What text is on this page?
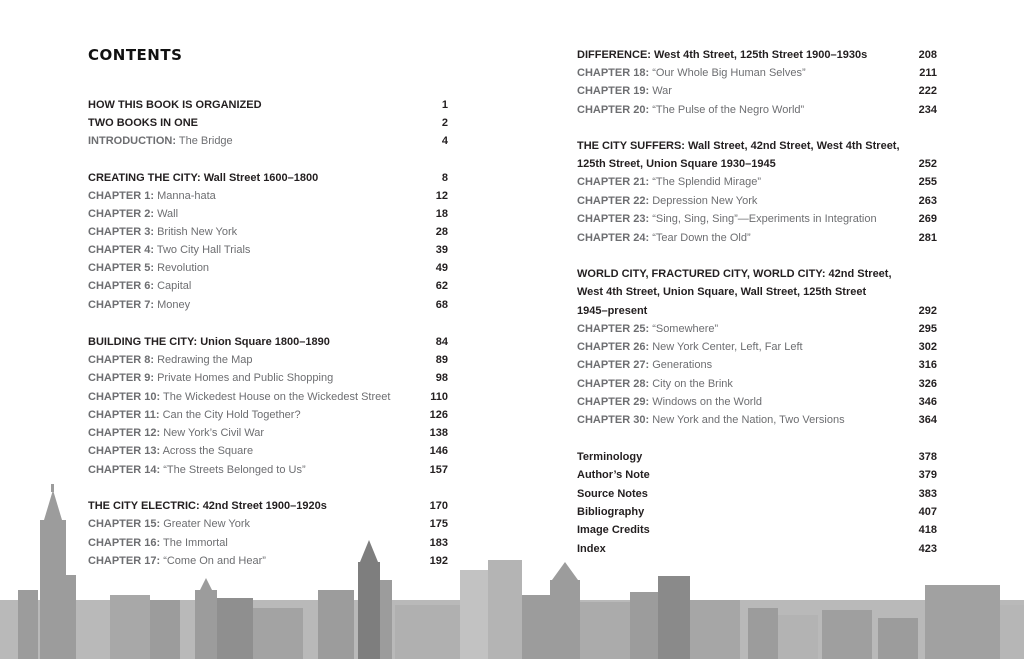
CONTENTS
HOW THIS BOOK IS ORGANIZED	1
TWO BOOKS IN ONE	2
INTRODUCTION: The Bridge	4
CREATING THE CITY: Wall Street 1600–1800	8
CHAPTER 1: Manna-hata	12
CHAPTER 2: Wall	18
CHAPTER 3: British New York	28
CHAPTER 4: Two City Hall Trials	39
CHAPTER 5: Revolution	49
CHAPTER 6: Capital	62
CHAPTER 7: Money	68
BUILDING THE CITY: Union Square 1800–1890	84
CHAPTER 8: Redrawing the Map	89
CHAPTER 9: Private Homes and Public Shopping	98
CHAPTER 10: The Wickedest House on the Wickedest Street	110
CHAPTER 11: Can the City Hold Together?	126
CHAPTER 12: New York’s Civil War	138
CHAPTER 13: Across the Square	146
CHAPTER 14: “The Streets Belonged to Us”	157
THE CITY ELECTRIC: 42nd Street 1900–1920s	170
CHAPTER 15: Greater New York	175
CHAPTER 16: The Immortal	183
CHAPTER 17: “Come On and Hear”	192
DIFFERENCE: West 4th Street, 125th Street 1900–1930s	208
CHAPTER 18: “Our Whole Big Human Selves”	211
CHAPTER 19: War	222
CHAPTER 20: “The Pulse of the Negro World”	234
THE CITY SUFFERS: Wall Street, 42nd Street, West 4th Street,
125th Street, Union Square 1930–1945	252
CHAPTER 21: “The Splendid Mirage”	255
CHAPTER 22: Depression New York	263
CHAPTER 23: “Sing, Sing, Sing”—Experiments in Integration	269
CHAPTER 24: “Tear Down the Old”	281
WORLD CITY, FRACTURED CITY, WORLD CITY: 42nd Street,
West 4th Street, Union Square, Wall Street, 125th Street
1945–present	292
CHAPTER 25: “Somewhere”	295
CHAPTER 26: New York Center, Left, Far Left	302
CHAPTER 27: Generations	316
CHAPTER 28: City on the Brink	326
CHAPTER 29: Windows on the World	346
CHAPTER 30: New York and the Nation, Two Versions	364
Terminology	378
Author’s Note	379
Source Notes	383
Bibliography	407
Image Credits	418
Index	423
